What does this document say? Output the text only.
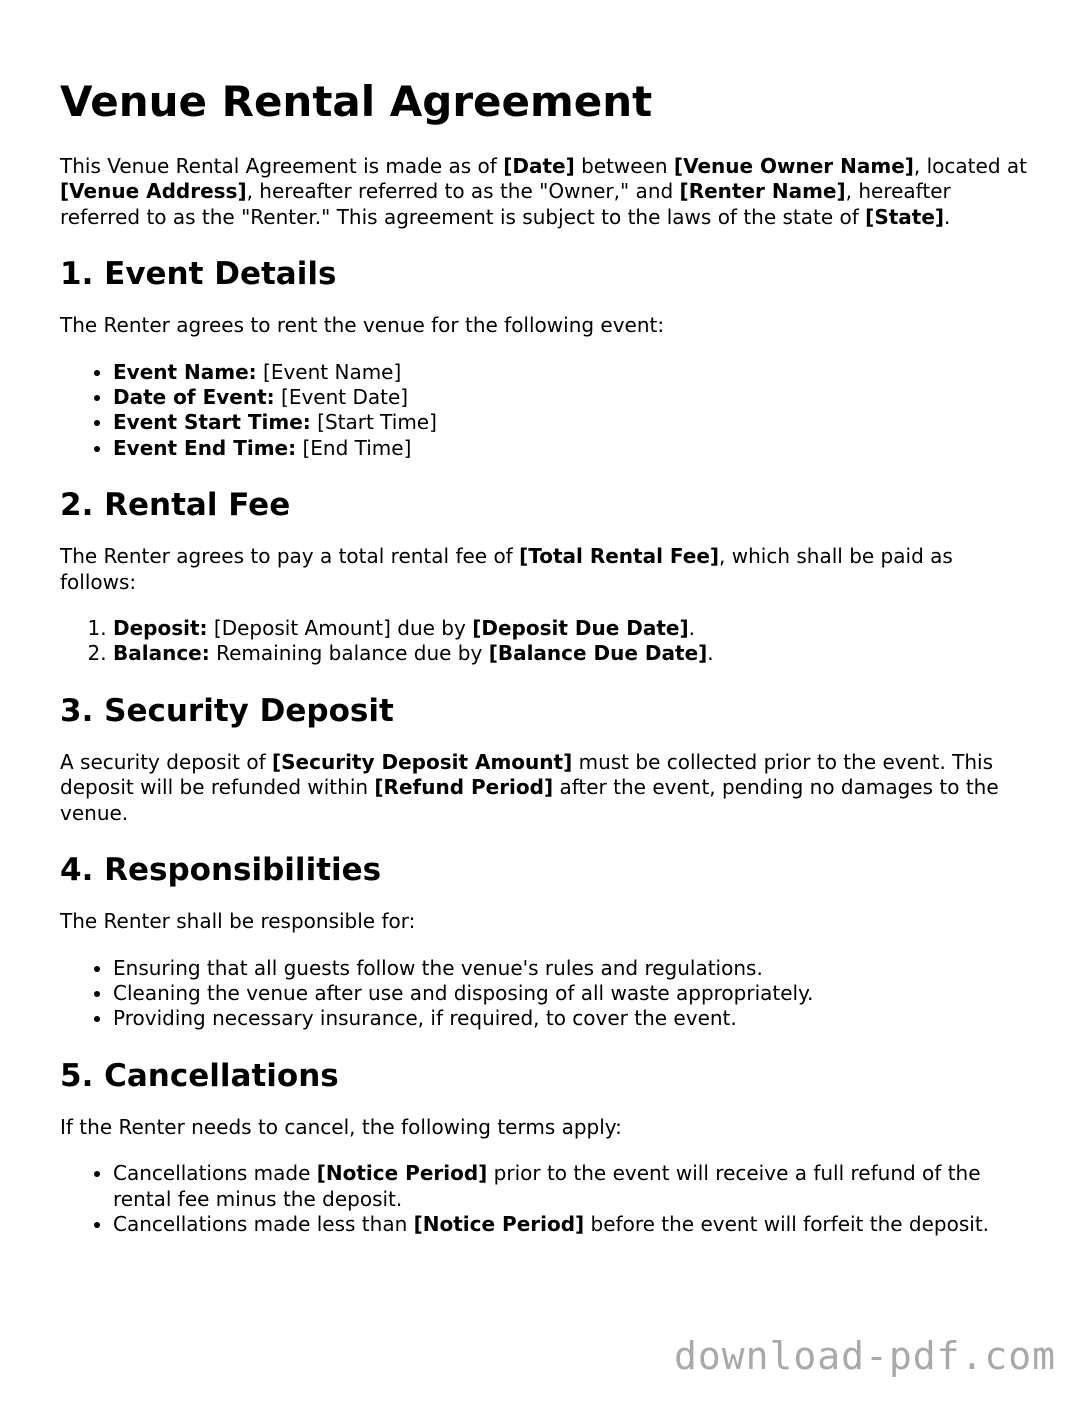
Venue Rental Agreement

This Venue Rental Agreement is made as of [Date] between [Venue Owner Name], located at [Venue Address], hereafter referred to as the "Owner," and [Renter Name], hereafter referred to as the "Renter." This agreement is subject to the laws of the state of [State].

1. Event Details

The Renter agrees to rent the venue for the following event:

• Event Name: [Event Name]
• Date of Event: [Event Date]
• Event Start Time: [Start Time]
• Event End Time: [End Time]
2. Rental Fee

The Renter agrees to pay a total rental fee of [Total Rental Fee], which shall be paid as follows:

1. Deposit: [Deposit Amount] due by [Deposit Due Date].
2. Balance: Remaining balance due by [Balance Due Date].
3. Security Deposit

A security deposit of [Security Deposit Amount] must be collected prior to the event. This deposit will be refunded within [Refund Period] after the event, pending no damages to the venue.

4. Responsibilities

The Renter shall be responsible for:

• Ensuring that all guests follow the venue's rules and regulations.
• Cleaning the venue after use and disposing of all waste appropriately.
• Providing necessary insurance, if required, to cover the event.
5. Cancellations

If the Renter needs to cancel, the following terms apply:

• Cancellations made [Notice Period] prior to the event will receive a full refund of the rental fee minus the deposit.
• Cancellations made less than [Notice Period] before the event will forfeit the deposit.
download-pdf.com
